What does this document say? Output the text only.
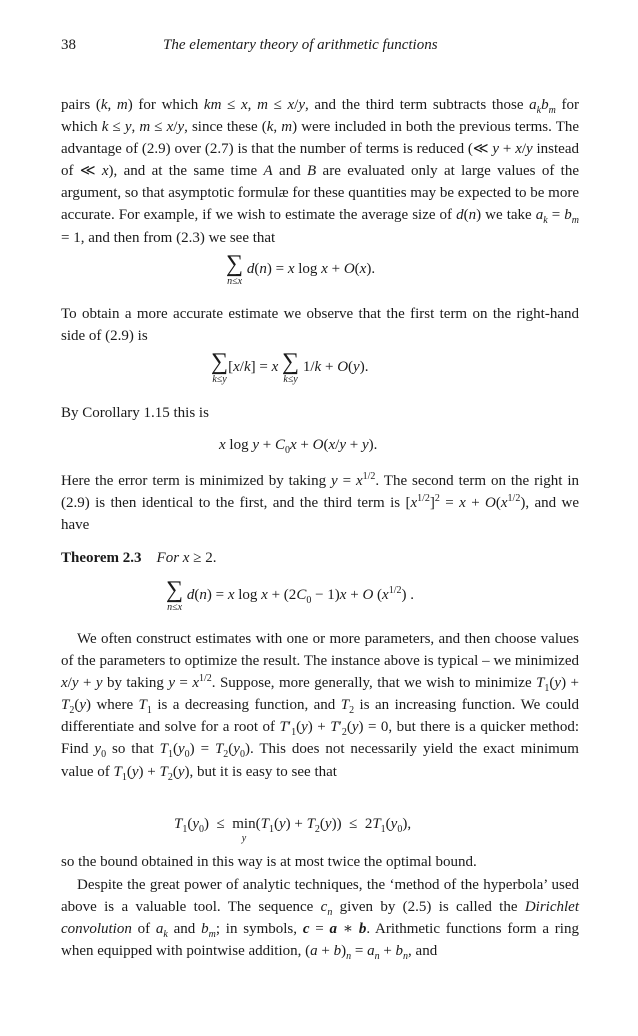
38	The elementary theory of arithmetic functions

pairs (k, m) for which km ≤ x, m ≤ x/y, and the third term subtracts those $a_kb_m$ for which k ≤ y, m ≤ x/y, since these (k, m) were included in both the previous terms. The advantage of (2.9) over (2.7) is that the number of terms is reduced (≪ y + x/y instead of ≪ x), and at the same time A and B are evaluated only at large values of the argument, so that asymptotic formulæ for these quantities may be expected to be more accurate. For example, if we wish to estimate the average size of d(n) we take $a_k = b_m = 1$, and then from (2.3) we see that

∑
n≤x
d(n) = x log x + O(x).

To obtain a more accurate estimate we observe that the first term on the right-hand side of (2.9) is

∑
k≤y
[x/k] = x ∑
k≤y
1/k + O(y).

By Corollary 1.15 this is

x $\log y + C_0x + O(x/y + y)$.

Here the error term is minimized by taking $y = x^{1/2}$. The second term on the right in (2.9) is then identical to the first, and the third term is $[x^{1/2}]^2 = x + O(x^{1/2})$, and we have

Theorem 2.3 For x ≥ 2.
∑
n≤x
d(n) = x $\log x + (2C_0 - 1)x + O$ $(x^{1/2})$ .

We often construct estimates with one or more parameters, and then choose values of the parameters to optimize the result. The instance above is typical – we minimized x/y + y by taking $y = x^{1/2}$. Suppose, more generally, that we wish to minimize $T_1(y) + T_2(y)$ where $T_1$ is a decreasing function, and $T_2$ is an increasing function. We could differentiate and solve for a root of $T'_1(y) + T'_2(y) = 0$, but there is a quicker method: Find $y_0$ so that $T_1(y_0) = T_2(y_0)$. This does not necessarily yield the exact minimum value of $T_1(y) + T_2(y)$, but it is easy to see that

$T_1(y_0) \le \min$
y
$(T_1(y) + T_2(y)) \le 2T_1(y_0)$,

so the bound obtained in this way is at most twice the optimal bound.

Despite the great power of analytic techniques, the ‘method of the hyperbola’ used above is a valuable tool. The sequence $c_n$ given by (2.5) is called the Dirichlet convolution of $a_k$ and $b_m$; in symbols, c = a ∗ b. Arithmetic functions form a ring when equipped with pointwise addition, $(a + b)_n = a_n + b_n$, and
